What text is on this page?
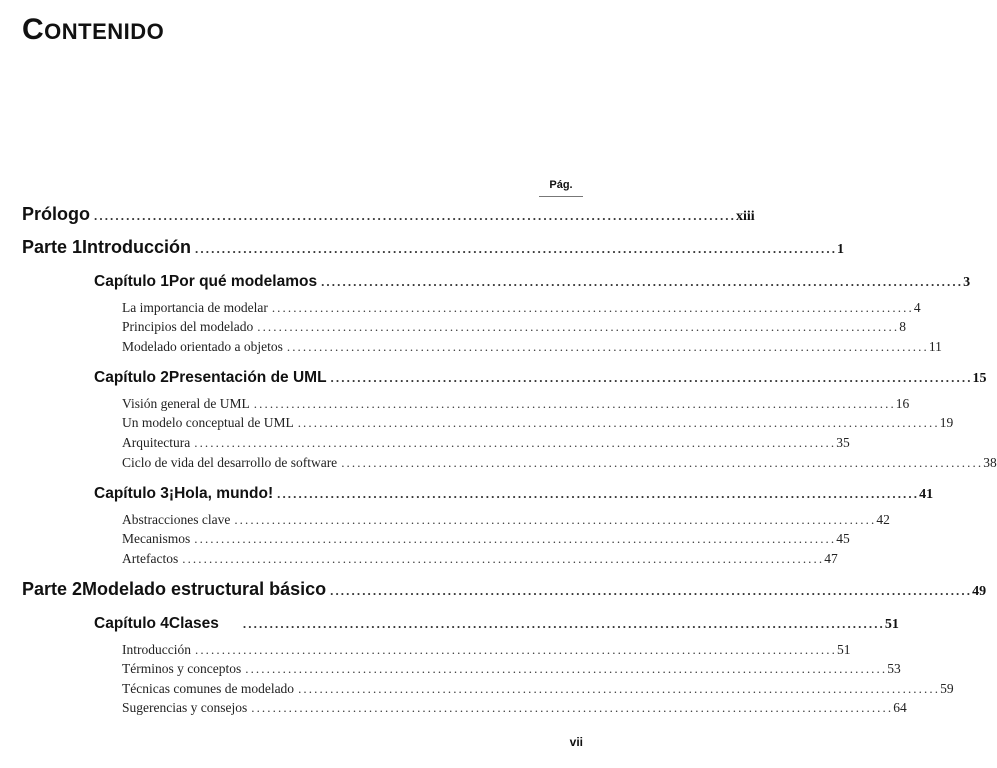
CONTENIDO
Pág.
Prólogo ........................................................................................................................ xiii
Parte 1 Introducción ........................................................................................................................ 1
Capítulo 1 Por qué modelamos ........................................................................................................................ 3
La importancia de modelar ........................................................................................................................ 4
Principios del modelado ........................................................................................................................ 8
Modelado orientado a objetos ........................................................................................................................ 11
Capítulo 2 Presentación de UML ........................................................................................................................ 15
Visión general de UML ........................................................................................................................ 16
Un modelo conceptual de UML ........................................................................................................................ 19
Arquitectura ........................................................................................................................ 35
Ciclo de vida del desarrollo de software ........................................................................................................................ 38
Capítulo 3 ¡Hola, mundo! ........................................................................................................................ 41
Abstracciones clave ........................................................................................................................ 42
Mecanismos ........................................................................................................................ 45
Artefactos ........................................................................................................................ 47
Parte 2 Modelado estructural básico ........................................................................................................................ 49
Capítulo 4 Clases	........................................................................................................................ 51
Introducción ........................................................................................................................ 51
Términos y conceptos ........................................................................................................................ 53
Técnicas comunes de modelado ........................................................................................................................ 59
Sugerencias y consejos ........................................................................................................................ 64
vii
